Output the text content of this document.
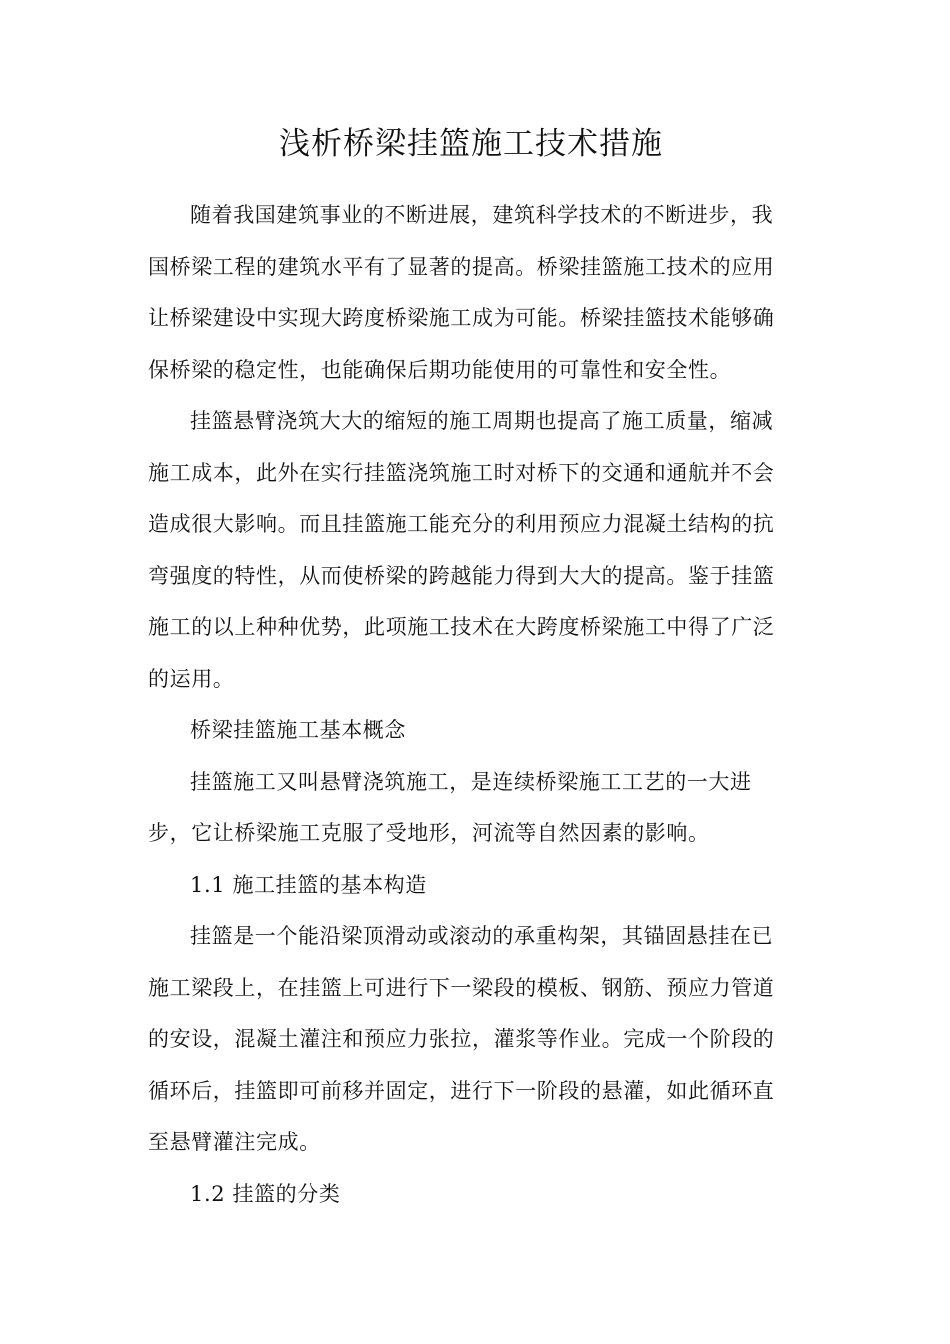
浅析桥梁挂篮施工技术措施

随着我国建筑事业的不断进展，建筑科学技术的不断进步，我
国桥梁工程的建筑水平有了显著的提高。桥梁挂篮施工技术的应用
让桥梁建设中实现大跨度桥梁施工成为可能。桥梁挂篮技术能够确
保桥梁的稳定性，也能确保后期功能使用的可靠性和安全性。

挂篮悬臂浇筑大大的缩短的施工周期也提高了施工质量，缩减
施工成本，此外在实行挂篮浇筑施工时对桥下的交通和通航并不会
造成很大影响。而且挂篮施工能充分的利用预应力混凝土结构的抗
弯强度的特性，从而使桥梁的跨越能力得到大大的提高。鉴于挂篮
施工的以上种种优势，此项施工技术在大跨度桥梁施工中得了广泛
的运用。

桥梁挂篮施工基本概念

挂篮施工又叫悬臂浇筑施工，是连续桥梁施工工艺的一大进
步，它让桥梁施工克服了受地形，河流等自然因素的影响。

1.1 施工挂篮的基本构造

挂篮是一个能沿梁顶滑动或滚动的承重构架，其锚固悬挂在已
施工梁段上，在挂篮上可进行下一梁段的模板、钢筋、预应力管道
的安设，混凝土灌注和预应力张拉，灌浆等作业。完成一个阶段的
循环后，挂篮即可前移并固定，进行下一阶段的悬灌，如此循环直
至悬臂灌注完成。

1.2 挂篮的分类
